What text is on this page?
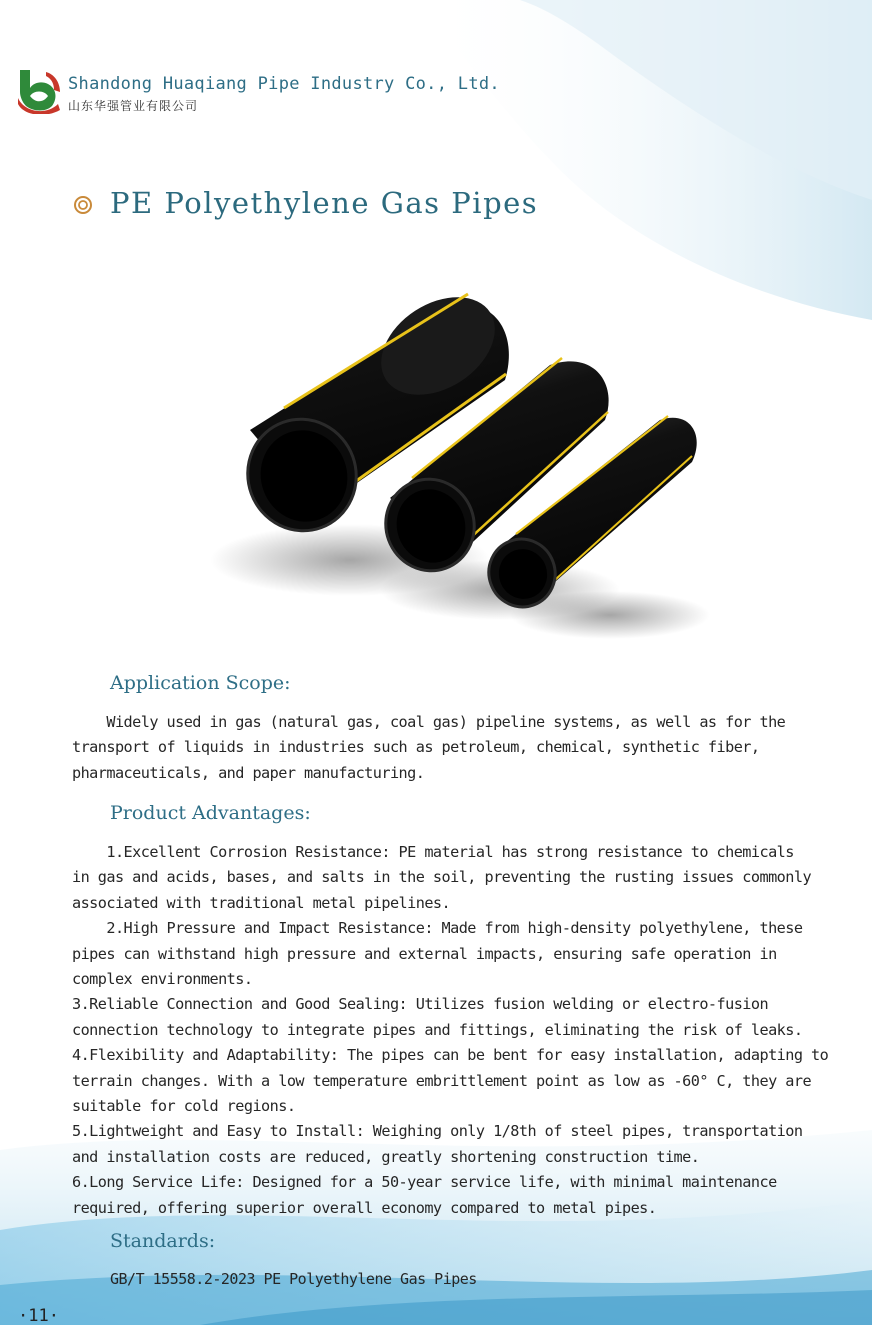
Shandong Huaqiang Pipe Industry Co., Ltd.
山东华强管业有限公司
PE Polyethylene Gas Pipes
Application Scope:
Widely used in gas (natural gas, coal gas) pipeline systems, as well as for the
transport of liquids in industries such as petroleum, chemical, synthetic fiber,
pharmaceuticals, and paper manufacturing.
Product Advantages:
1.Excellent Corrosion Resistance: PE material has strong resistance to chemicals
in gas and acids, bases, and salts in the soil, preventing the rusting issues commonly
associated with traditional metal pipelines.
2.High Pressure and Impact Resistance: Made from high-density polyethylene, these
pipes can withstand high pressure and external impacts, ensuring safe operation in
complex environments.
3.Reliable Connection and Good Sealing: Utilizes fusion welding or electro-fusion
connection technology to integrate pipes and fittings, eliminating the risk of leaks.
4.Flexibility and Adaptability: The pipes can be bent for easy installation, adapting to
terrain changes. With a low temperature embrittlement point as low as -60° C, they are
suitable for cold regions.
5.Lightweight and Easy to Install: Weighing only 1/8th of steel pipes, transportation
and installation costs are reduced, greatly shortening construction time.
6.Long Service Life: Designed for a 50-year service life, with minimal maintenance
required, offering superior overall economy compared to metal pipes.
Standards:
GB/T 15558.2-2023 PE Polyethylene Gas Pipes
·11·
